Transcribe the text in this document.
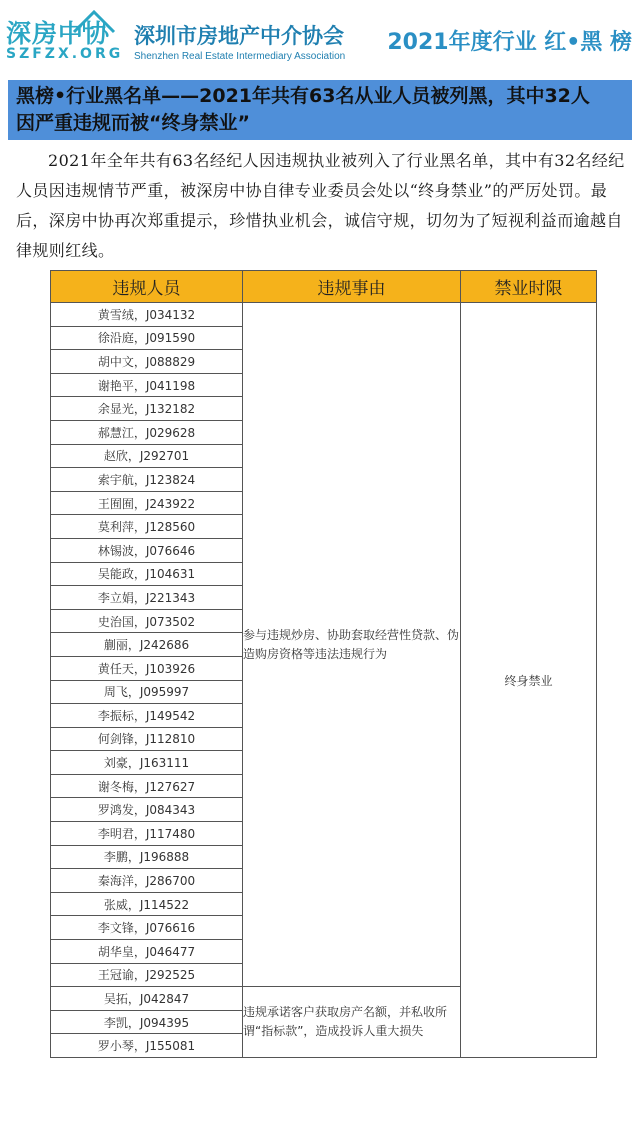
深房中协
SZFZX.ORG
深圳市房地产中介协会
Shenzhen Real Estate Intermediary Association
2021年度行业 红•黑 榜
黑榜•行业黑名单——2021年共有63名从业人员被列黑，其中32人
因严重违规而被“终身禁业”
2021年全年共有63名经纪人因违规执业被列入了行业黑名单，其中有32名经纪人员因违规情节严重，被深房中协自律专业委员会处以“终身禁业”的严厉处罚。最后，深房中协再次郑重提示，珍惜执业机会，诚信守规，切勿为了短视利益而逾越自律规则红线。
违规人员	违规事由	禁业时限
黄雪绒，J034132	参与违规炒房、协助套取经营性贷款、伪造购房资格等违法违规行为	终身禁业
徐沿庭，J091590		
胡中文，J088829		
谢艳平，J041198		
余显光，J132182		
郝慧江，J029628		
赵欣，J292701		
索宇航，J123824		
王囿囿，J243922		
莫利萍，J128560		
林锡波，J076646		
吴能政，J104631		
李立娟，J221343		
史治国，J073502		
蒯丽，J242686		
黄任天，J103926		
周飞，J095997		
李振标，J149542		
何剑锋，J112810		
刘豪，J163111		
谢冬梅，J127627		
罗鸿发，J084343		
李明君，J117480		
李鹏，J196888		
秦海洋，J286700		
张威，J114522		
李文锋，J076616		
胡华皇，J046477		
王冠谕，J292525		
吴拓，J042847	违规承诺客户获取房产名额，并私收所谓“指标款”，造成投诉人重大损失	
李凯，J094395		
罗小琴，J155081		
